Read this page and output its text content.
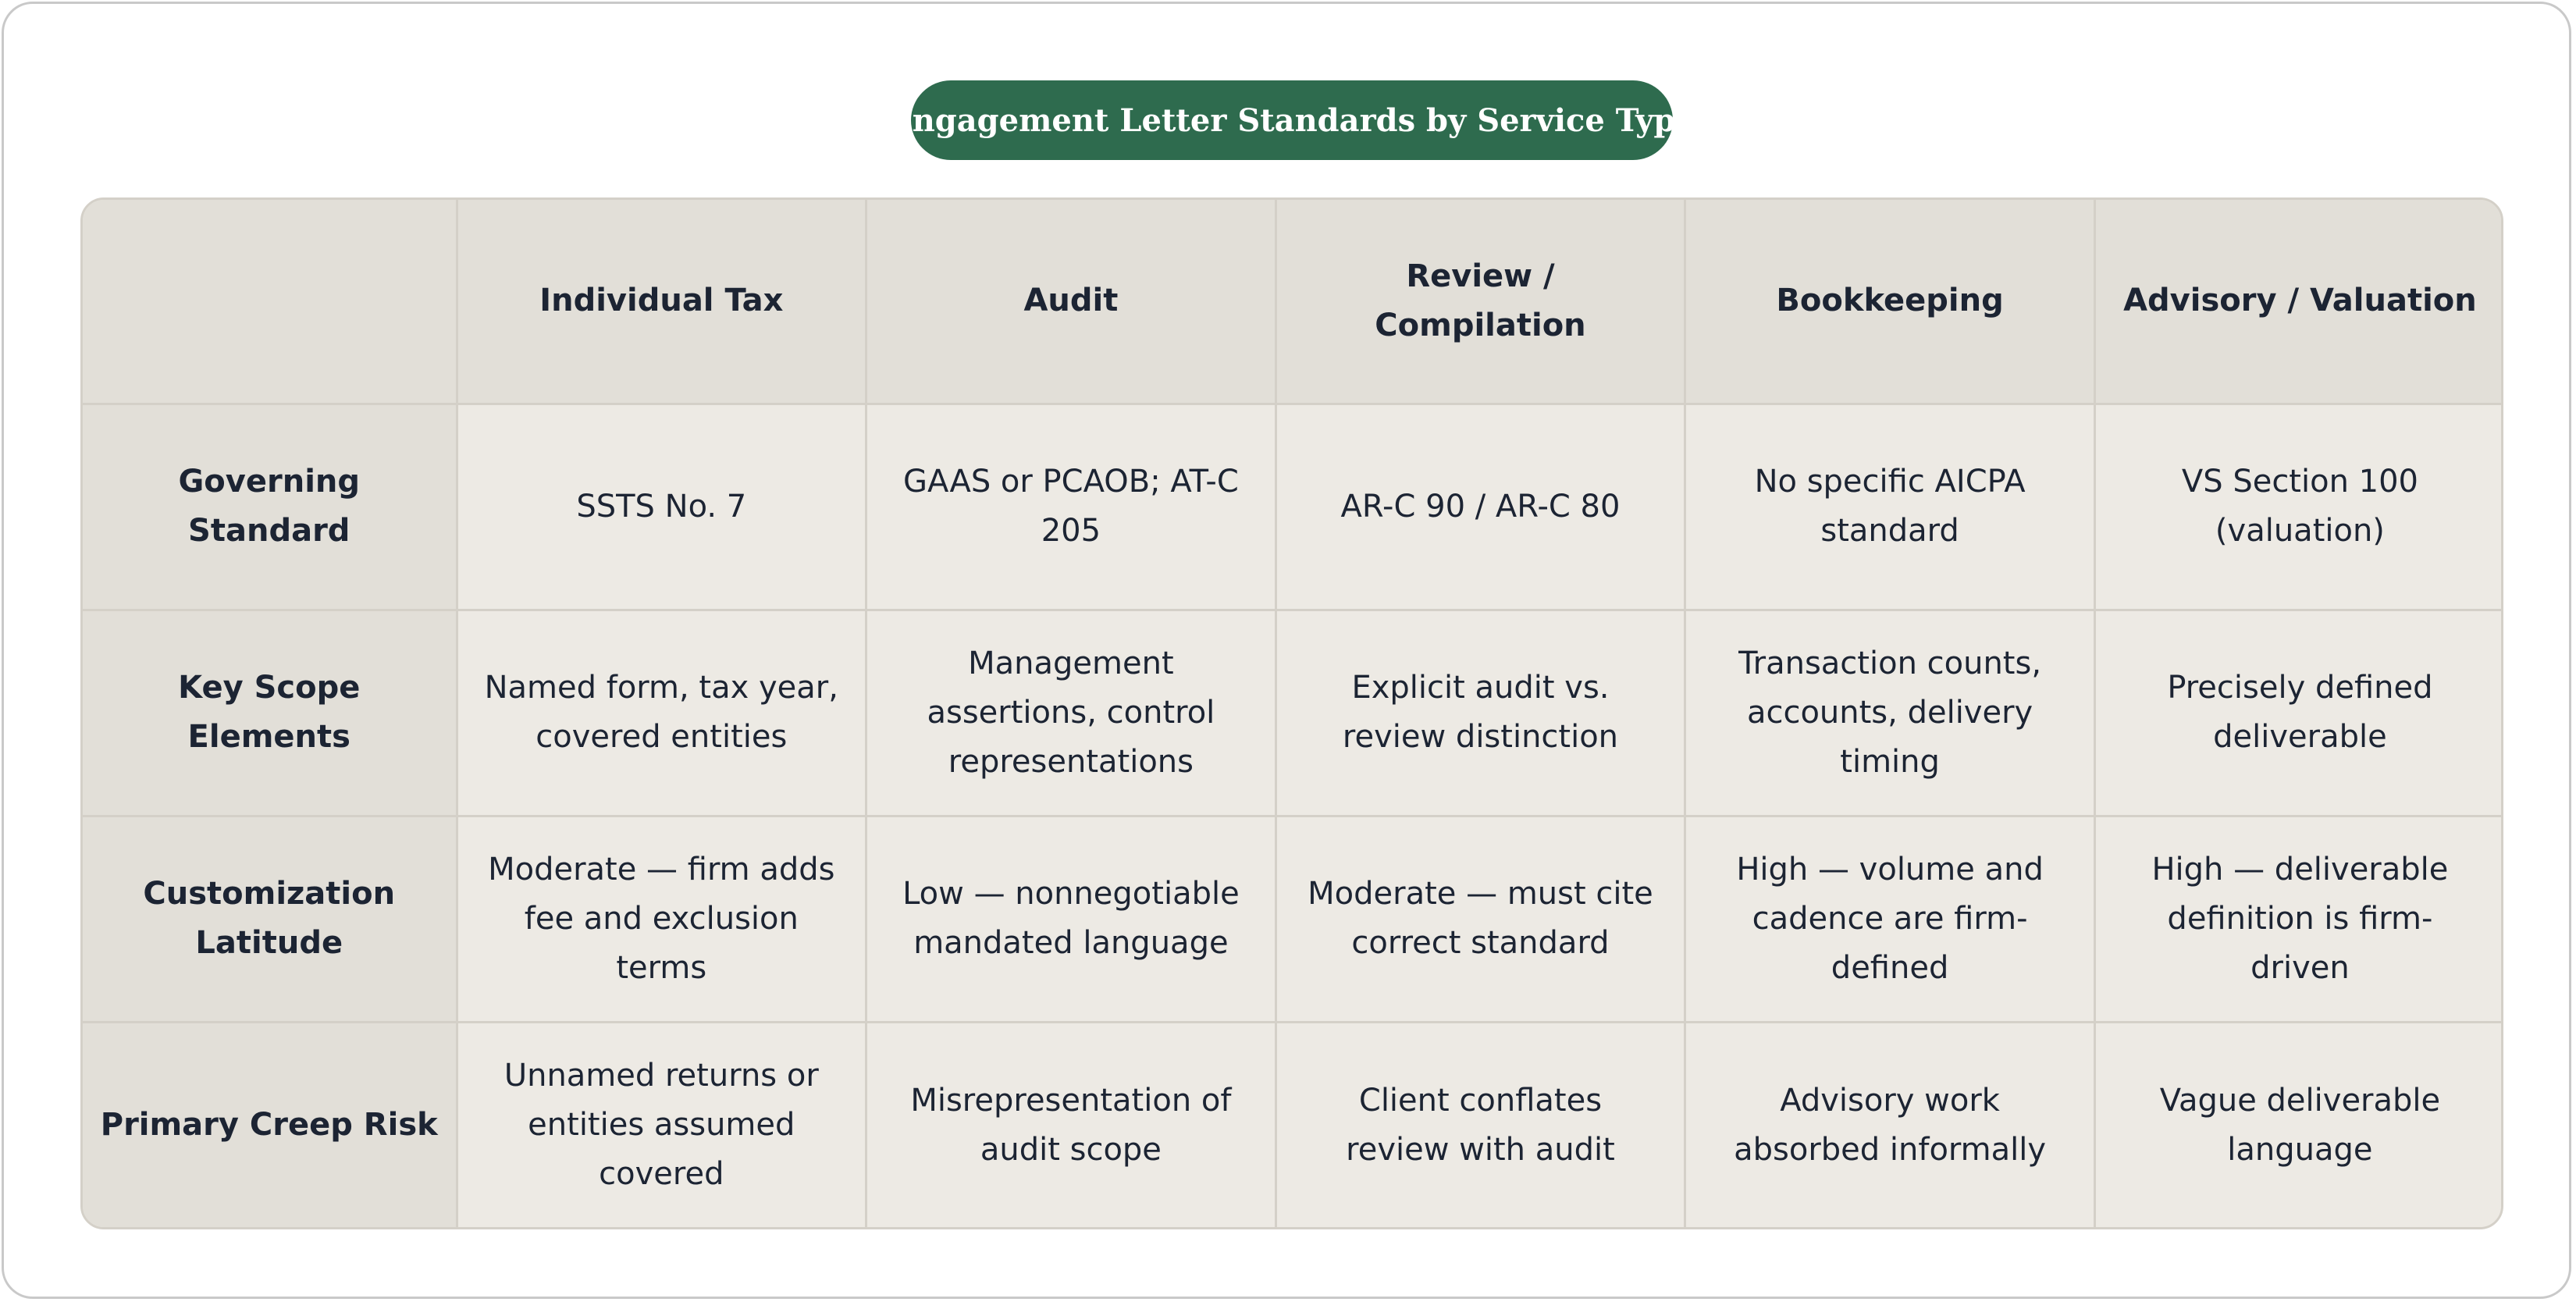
Engagement Letter Standards by Service Type
	Individual Tax	Audit	Review / Compilation	Bookkeeping	Advisory / Valuation
Governing Standard	SSTS No. 7	GAAS or PCAOB; AT-C 205	AR-C 90 / AR-C 80	No specific AICPA standard	VS Section 100 (valuation)
Key Scope Elements	Named form, tax year, covered entities	Management assertions, control representations	Explicit audit vs. review distinction	Transaction counts, accounts, delivery timing	Precisely defined deliverable
Customization Latitude	Moderate — firm adds fee and exclusion terms	Low — nonnegotiable mandated language	Moderate — must cite correct standard	High — volume and cadence are firm-defined	High — deliverable definition is firm-driven
Primary Creep Risk	Unnamed returns or entities assumed covered	Misrepresentation of audit scope	Client conflates review with audit	Advisory work absorbed informally	Vague deliverable language
